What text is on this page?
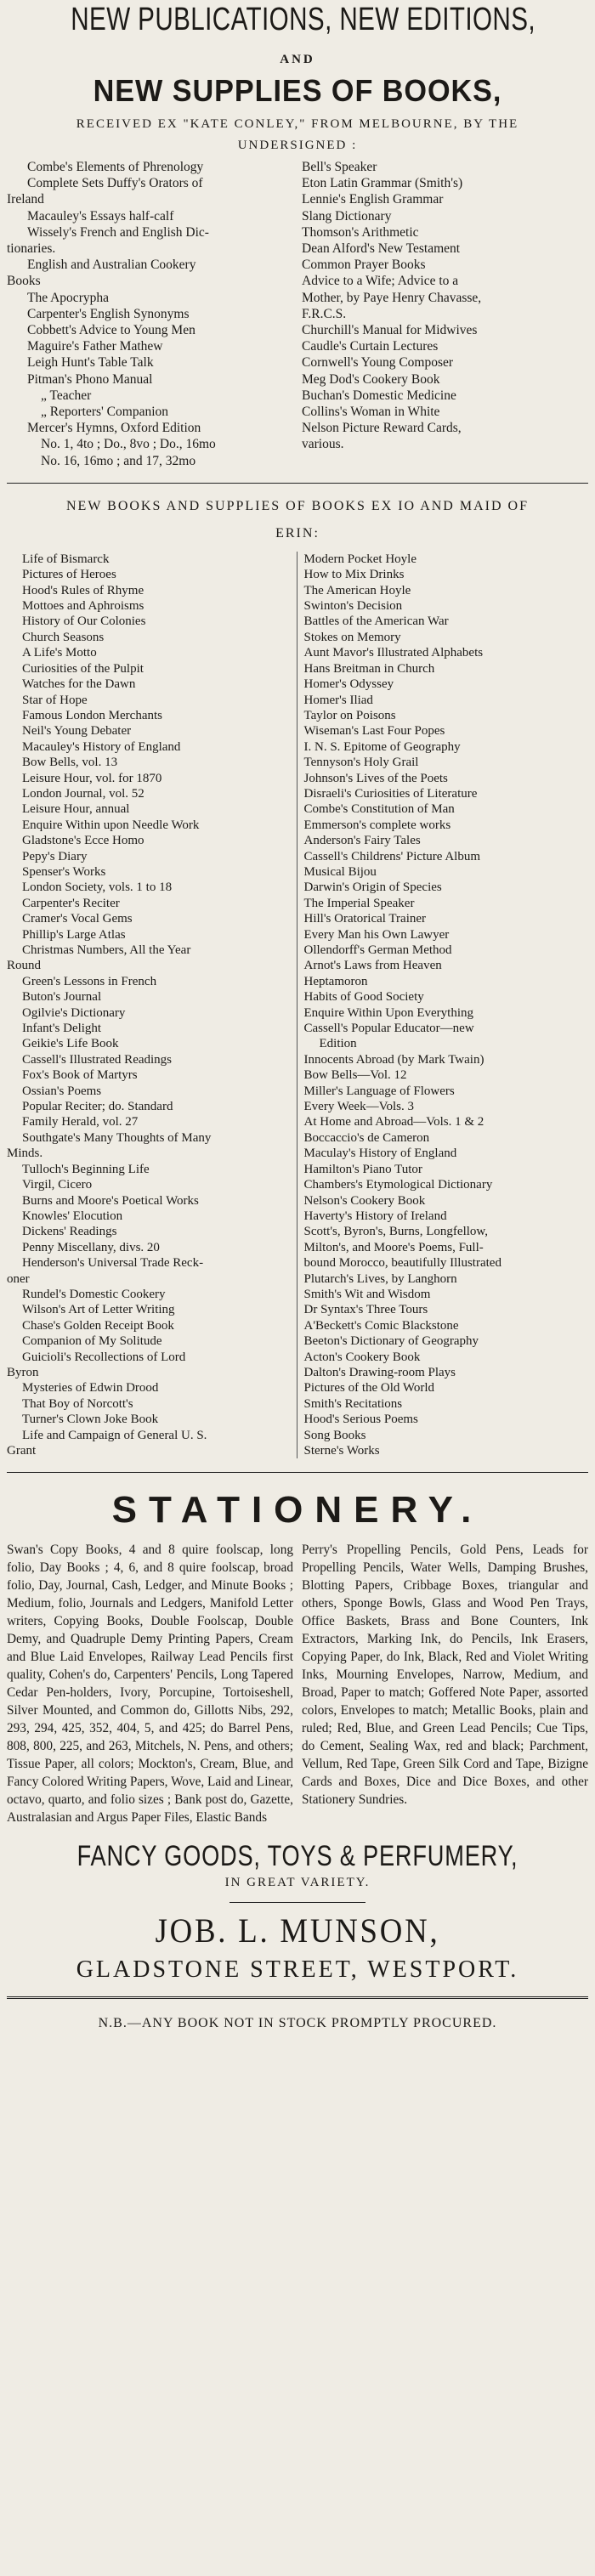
NEW PUBLICATIONS, NEW EDITIONS,
AND
NEW SUPPLIES OF BOOKS,
RECEIVED EX "KATE CONLEY," FROM MELBOURNE, BY THE
UNDERSIGNED :
Combe's Elements of Phrenology
Complete Sets Duffy's Orators of
Ireland
Macauley's Essays half-calf
Wissely's French and English Dic-
tionaries.
English and Australian Cookery
Books
The Apocrypha
Carpenter's English Synonyms
Cobbett's Advice to Young Men
Maguire's Father Mathew
Leigh Hunt's Table Talk
Pitman's Phono Manual
„ Teacher
„ Reporters' Companion
Mercer's Hymns, Oxford Edition
No. 1, 4to ; Do., 8vo ; Do., 16mo
No. 16, 16mo ; and 17, 32mo
Bell's Speaker
Eton Latin Grammar (Smith's)
Lennie's English Grammar
Slang Dictionary
Thomson's Arithmetic
Dean Alford's New Testament
Common Prayer Books
Advice to a Wife; Advice to a
Mother, by Paye Henry Chavasse,
F.R.C.S.
Churchill's Manual for Midwives
Caudle's Curtain Lectures
Cornwell's Young Composer
Meg Dod's Cookery Book
Buchan's Domestic Medicine
Collins's Woman in White
Nelson Picture Reward Cards,
various.
NEW BOOKS AND SUPPLIES OF BOOKS EX IO AND MAID OF
ERIN:
Life of Bismarck
Pictures of Heroes
Hood's Rules of Rhyme
Mottoes and Aphroisms
History of Our Colonies
Church Seasons
A Life's Motto
Curiosities of the Pulpit
Watches for the Dawn
Star of Hope
Famous London Merchants
Neil's Young Debater
Macauley's History of England
Bow Bells, vol. 13
Leisure Hour, vol. for 1870
London Journal, vol. 52
Leisure Hour, annual
Enquire Within upon Needle Work
Gladstone's Ecce Homo
Pepy's Diary
Spenser's Works
London Society, vols. 1 to 18
Carpenter's Reciter
Cramer's Vocal Gems
Phillip's Large Atlas
Christmas Numbers, All the Year
Round
Green's Lessons in French
Buton's Journal
Ogilvie's Dictionary
Infant's Delight
Geikie's Life Book
Cassell's Illustrated Readings
Fox's Book of Martyrs
Ossian's Poems
Popular Reciter; do. Standard
Family Herald, vol. 27
Southgate's Many Thoughts of Many
Minds.
Tulloch's Beginning Life
Virgil, Cicero
Burns and Moore's Poetical Works
Knowles' Elocution
Dickens' Readings
Penny Miscellany, divs. 20
Henderson's Universal Trade Reck-
oner
Rundel's Domestic Cookery
Wilson's Art of Letter Writing
Chase's Golden Receipt Book
Companion of My Solitude
Guicioli's Recollections of Lord
Byron
Mysteries of Edwin Drood
That Boy of Norcott's
Turner's Clown Joke Book
Life and Campaign of General U. S.
Grant
Modern Pocket Hoyle
How to Mix Drinks
The American Hoyle
Swinton's Decision
Battles of the American War
Stokes on Memory
Aunt Mavor's Illustrated Alphabets
Hans Breitman in Church
Homer's Odyssey
Homer's Iliad
Taylor on Poisons
Wiseman's Last Four Popes
I. N. S. Epitome of Geography
Tennyson's Holy Grail
Johnson's Lives of the Poets
Disraeli's Curiosities of Literature
Combe's Constitution of Man
Emmerson's complete works
Anderson's Fairy Tales
Cassell's Childrens' Picture Album
Musical Bijou
Darwin's Origin of Species
The Imperial Speaker
Hill's Oratorical Trainer
Every Man his Own Lawyer
Ollendorff's German Method
Arnot's Laws from Heaven
Heptamoron
Habits of Good Society
Enquire Within Upon Everything
Cassell's Popular Educator—new
Edition
Innocents Abroad (by Mark Twain)
Bow Bells—Vol. 12
Miller's Language of Flowers
Every Week—Vols. 3
At Home and Abroad—Vols. 1 & 2
Boccaccio's de Cameron
Maculay's History of England
Hamilton's Piano Tutor
Chambers's Etymological Dictionary
Nelson's Cookery Book
Haverty's History of Ireland
Scott's, Byron's, Burns, Longfellow,
Milton's, and Moore's Poems, Full-
bound Morocco, beautifully Illustrated
Plutarch's Lives, by Langhorn
Smith's Wit and Wisdom
Dr Syntax's Three Tours
A'Beckett's Comic Blackstone
Beeton's Dictionary of Geography
Acton's Cookery Book
Dalton's Drawing-room Plays
Pictures of the Old World
Smith's Recitations
Hood's Serious Poems
Song Books
Sterne's Works
STATIONERY.
Swan's Copy Books, 4 and 8 quire foolscap, long folio, Day Books ; 4, 6, and 8 quire foolscap, broad folio, Day, Journal, Cash, Ledger, and Minute Books ; Medium, folio, Journals and Ledgers, Manifold Letter writers, Copying Books, Double Foolscap, Double Demy, and Quadruple Demy Printing Papers, Cream and Blue Laid Envelopes, Railway Lead Pencils first quality, Cohen's do, Carpenters' Pencils, Long Tapered Cedar Pen-holders, Ivory, Porcupine, Tortoiseshell, Silver Mounted, and Common do, Gillotts Nibs, 292, 293, 294, 425, 352, 404, 5, and 425; do Barrel Pens, 808, 800, 225, and 263, Mitchels, N. Pens, and others; Tissue Paper, all colors; Mockton's, Cream, Blue, and Fancy Colored Writing Papers, Wove, Laid and Linear, octavo, quarto, and folio sizes ; Bank post do, Gazette, Australasian and Argus Paper Files, Elastic Bands
Perry's Propelling Pencils, Gold Pens, Leads for Propelling Pencils, Water Wells, Damping Brushes, Blotting Papers, Cribbage Boxes, triangular and others, Sponge Bowls, Glass and Wood Pen Trays, Office Baskets, Brass and Bone Counters, Ink Extractors, Marking Ink, do Pencils, Ink Erasers, Copying Paper, do Ink, Black, Red and Violet Writing Inks, Mourning Envelopes, Narrow, Medium, and Broad, Paper to match; Goffered Note Paper, assorted colors, Envelopes to match; Metallic Books, plain and ruled; Red, Blue, and Green Lead Pencils; Cue Tips, do Cement, Sealing Wax, red and black; Parchment, Vellum, Red Tape, Green Silk Cord and Tape, Bizigne Cards and Boxes, Dice and Dice Boxes, and other Stationery Sundries.
FANCY GOODS, TOYS & PERFUMERY,
IN GREAT VARIETY.
JOB. L. MUNSON,
GLADSTONE STREET, WESTPORT.
N.B.—ANY BOOK NOT IN STOCK PROMPTLY PROCURED.
